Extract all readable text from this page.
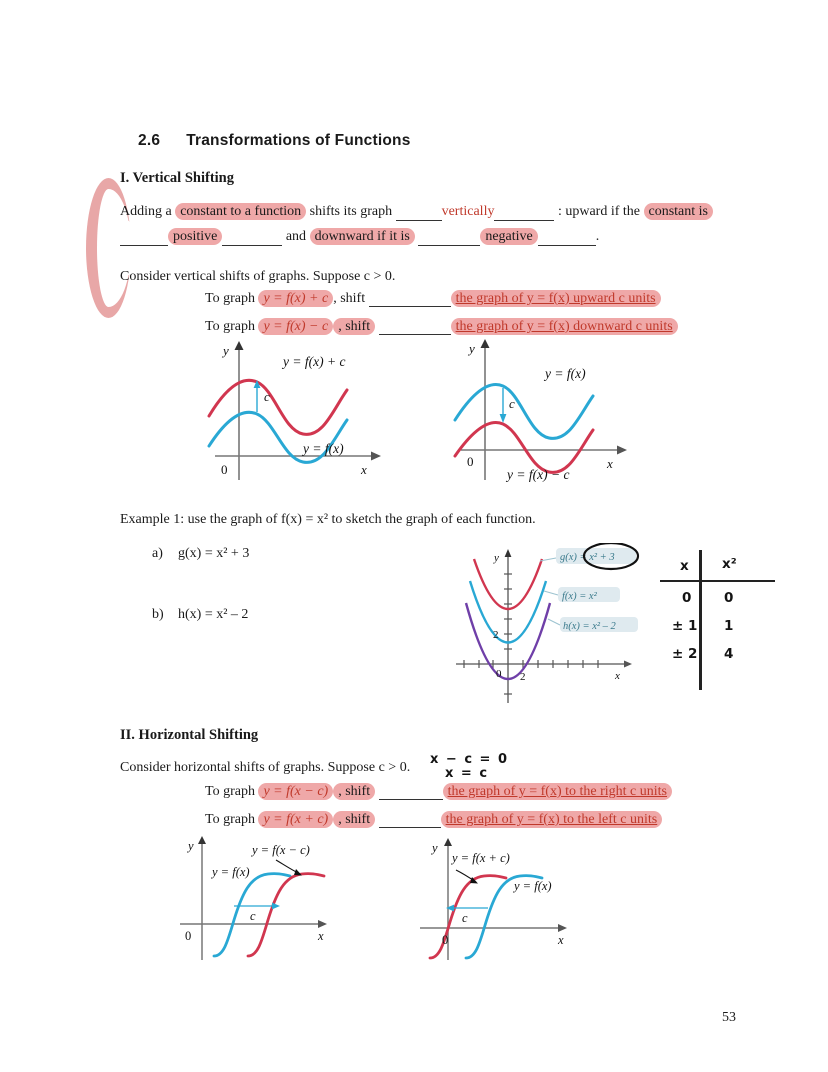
2.6 Transformations of Functions

I. Vertical Shifting
Adding a constant to a function shifts its graph	vertically	: upward if the constant is
positive	and downward if it is	negative	.
Consider vertical shifts of graphs. Suppose c > 0.
To graph y = f(x) + c , shift	the graph of y = f(x) upward c units
To graph y = f(x) − c , shift	the graph of y = f(x) downward c units
c
y
x
0
y = f(x) + c
y = f(x)
c
y
x
0
y = f(x)
y = f(x) − c
Example 1: use the graph of f(x) = x² to sketch the graph of each function.
a) g(x) = x² + 3
b) h(x) = x² – 2
y
x
0 2
2
g(x) = x² + 3
f(x) = x²
h(x) = x² – 2
x x²
0 0
± 1 1
± 2 4
II. Horizontal Shifting
Consider horizontal shifts of graphs. Suppose c > 0.
x − c = 0
x = c
To graph y = f(x − c) , shift	the graph of y = f(x) to the right c units
To graph y = f(x + c) , shift	the graph of y = f(x) to the left c units
c
y
x
0
y = f(x − c)
y = f(x)
c
y
x
0
y = f(x + c)
y = f(x)
53
